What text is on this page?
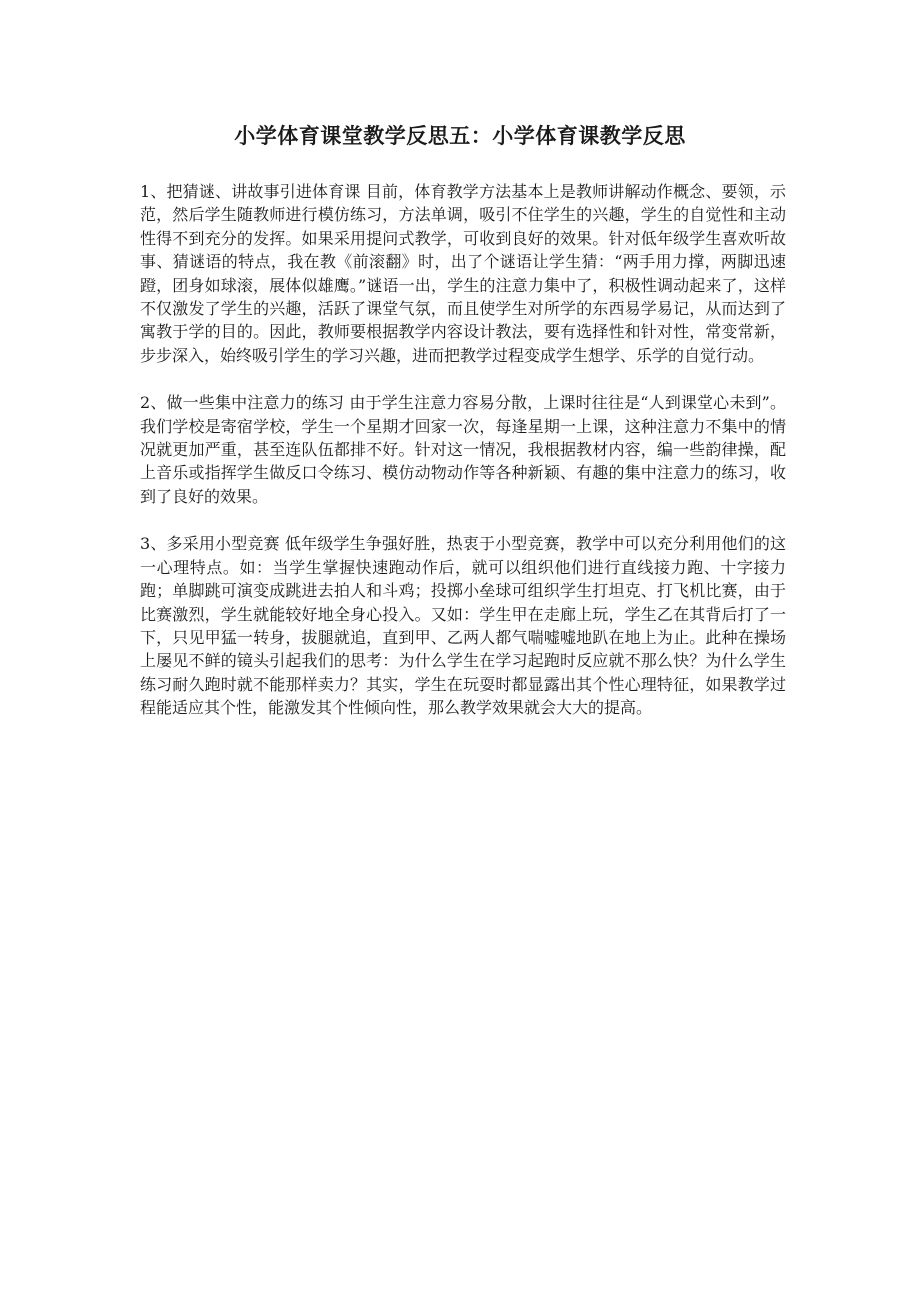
小学体育课堂教学反思五：小学体育课教学反思

1、把猜谜、讲故事引进体育课 目前，体育教学方法基本上是教师讲解动作概念、要领，示范，然后学生随教师进行模仿练习，方法单调，吸引不住学生的兴趣，学生的自觉性和主动性得不到充分的发挥。如果采用提问式教学，可收到良好的效果。针对低年级学生喜欢听故事、猜谜语的特点，我在教《前滚翻》时，出了个谜语让学生猜：“两手用力撑，两脚迅速蹬，团身如球滚，展体似雄鹰。”谜语一出，学生的注意力集中了，积极性调动起来了，这样不仅激发了学生的兴趣，活跃了课堂气氛，而且使学生对所学的东西易学易记，从而达到了寓教于学的目的。因此，教师要根据教学内容设计教法，要有选择性和针对性，常变常新，步步深入，始终吸引学生的学习兴趣，进而把教学过程变成学生想学、乐学的自觉行动。

2、做一些集中注意力的练习 由于学生注意力容易分散，上课时往往是“人到课堂心未到”。我们学校是寄宿学校，学生一个星期才回家一次，每逢星期一上课，这种注意力不集中的情况就更加严重，甚至连队伍都排不好。针对这一情况，我根据教材内容，编一些韵律操，配上音乐或指挥学生做反口令练习、模仿动物动作等各种新颖、有趣的集中注意力的练习，收到了良好的效果。

3、多采用小型竞赛 低年级学生争强好胜，热衷于小型竞赛，教学中可以充分利用他们的这一心理特点。如：当学生掌握快速跑动作后，就可以组织他们进行直线接力跑、十字接力跑；单脚跳可演变成跳进去拍人和斗鸡；投掷小垒球可组织学生打坦克、打飞机比赛，由于比赛激烈，学生就能较好地全身心投入。又如：学生甲在走廊上玩，学生乙在其背后打了一下，只见甲猛一转身，拔腿就追，直到甲、乙两人都气喘嘘嘘地趴在地上为止。此种在操场上屡见不鲜的镜头引起我们的思考：为什么学生在学习起跑时反应就不那么快？为什么学生练习耐久跑时就不能那样卖力？其实，学生在玩耍时都显露出其个性心理特征，如果教学过程能适应其个性，能激发其个性倾向性，那么教学效果就会大大的提高。
